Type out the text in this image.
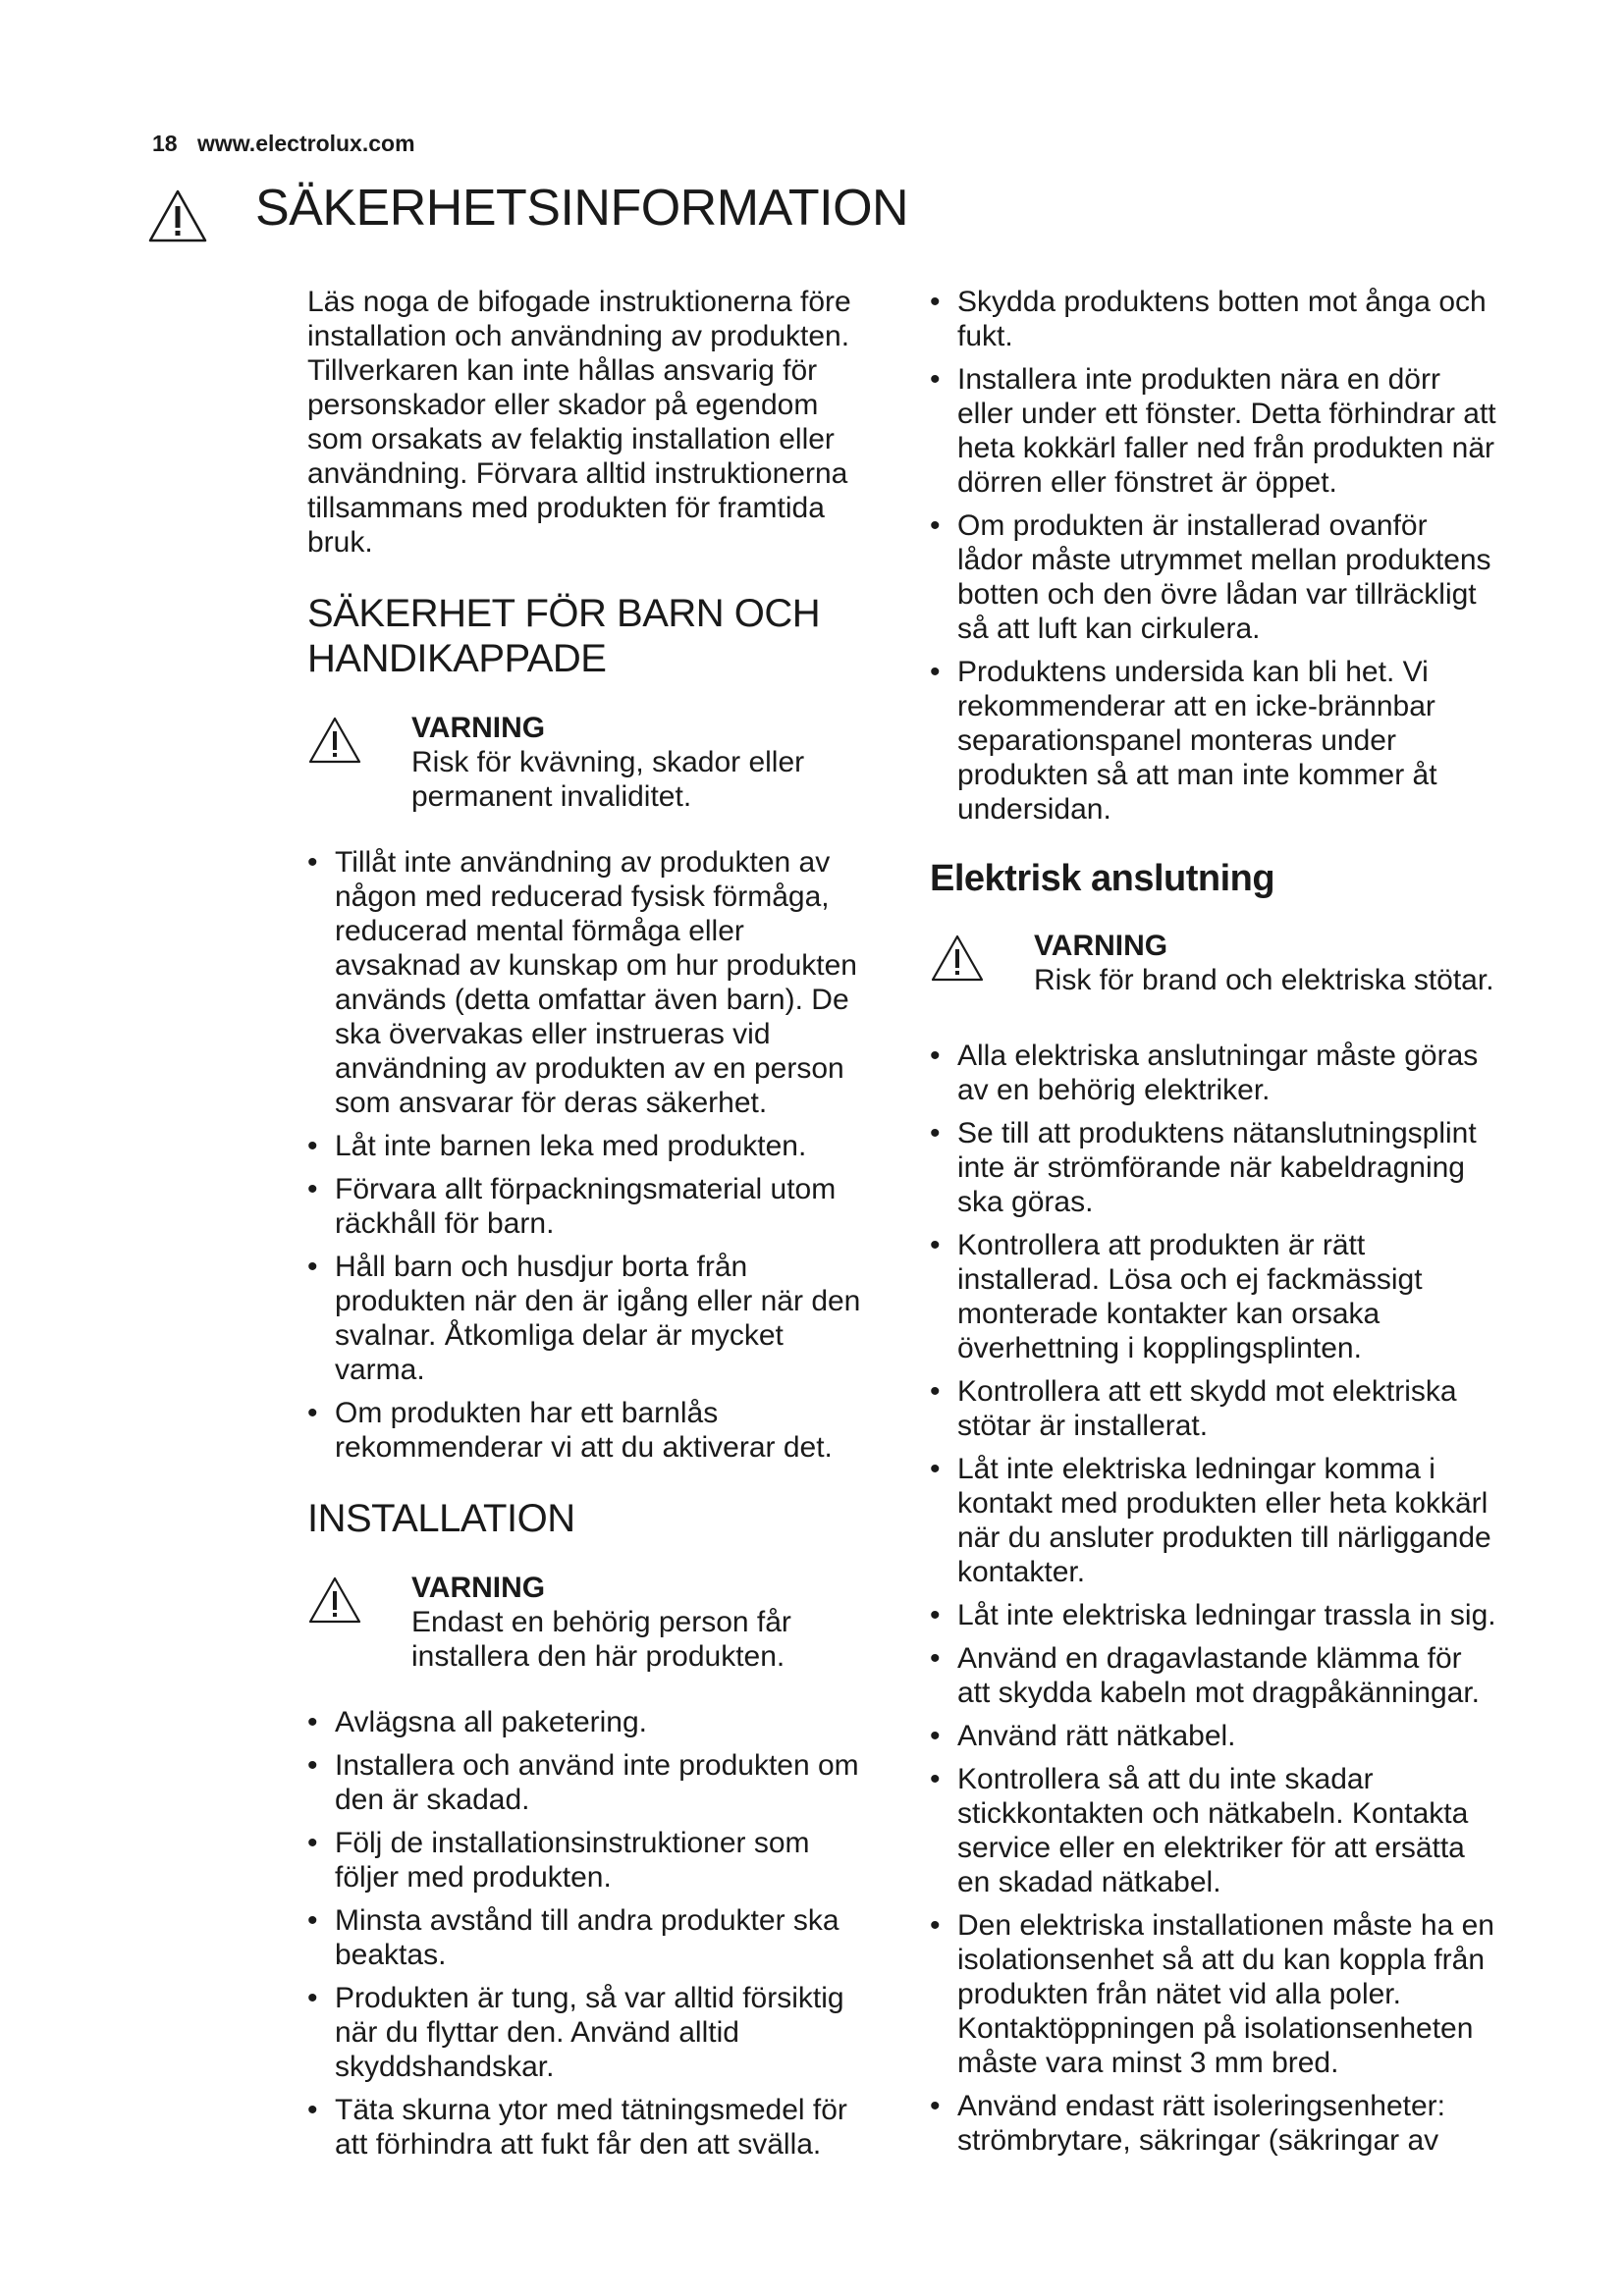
18 www.electrolux.com
SÄKERHETSINFORMATION

Läs noga de bifogade instruktionerna före installation och användning av produkten. Tillverkaren kan inte hållas ansvarig för personskador eller skador på egendom som orsakats av felaktig installation eller användning. Förvara alltid instruktionerna tillsammans med produkten för framtida bruk.

SÄKERHET FÖR BARN OCH HANDIKAPPADE
VARNING
Risk för kvävning, skador eller permanent invaliditet.
• Tillåt inte användning av produkten av någon med reducerad fysisk förmåga, reducerad mental förmåga eller avsaknad av kunskap om hur produkten används (detta omfattar även barn). De ska övervakas eller instrueras vid användning av produkten av en person som ansvarar för deras säkerhet.
• Låt inte barnen leka med produkten.
• Förvara allt förpackningsmaterial utom räckhåll för barn.
• Håll barn och husdjur borta från produkten när den är igång eller när den svalnar. Åtkomliga delar är mycket varma.
• Om produkten har ett barnlås rekommenderar vi att du aktiverar det.
INSTALLATION
VARNING
Endast en behörig person får installera den här produkten.
• Avlägsna all paketering.
• Installera och använd inte produkten om den är skadad.
• Följ de installationsinstruktioner som följer med produkten.
• Minsta avstånd till andra produkter ska beaktas.
• Produkten är tung, så var alltid försiktig när du flyttar den. Använd alltid skyddshandskar.
• Täta skurna ytor med tätningsmedel för att förhindra att fukt får den att svälla.
• Skydda produktens botten mot ånga och fukt.
• Installera inte produkten nära en dörr eller under ett fönster. Detta förhindrar att heta kokkärl faller ned från produkten när dörren eller fönstret är öppet.
• Om produkten är installerad ovanför lådor måste utrymmet mellan produktens botten och den övre lådan var tillräckligt så att luft kan cirkulera.
• Produktens undersida kan bli het. Vi rekommenderar att en icke-brännbar separationspanel monteras under produkten så att man inte kommer åt undersidan.
Elektrisk anslutning
VARNING
Risk för brand och elektriska stötar.
• Alla elektriska anslutningar måste göras av en behörig elektriker.
• Se till att produktens nätanslutningsplint inte är strömförande när kabeldragning ska göras.
• Kontrollera att produkten är rätt installerad. Lösa och ej fackmässigt monterade kontakter kan orsaka överhettning i kopplingsplinten.
• Kontrollera att ett skydd mot elektriska stötar är installerat.
• Låt inte elektriska ledningar komma i kontakt med produkten eller heta kokkärl när du ansluter produkten till närliggande kontakter.
• Låt inte elektriska ledningar trassla in sig.
• Använd en dragavlastande klämma för att skydda kabeln mot dragpåkänningar.
• Använd rätt nätkabel.
• Kontrollera så att du inte skadar stickkontakten och nätkabeln. Kontakta service eller en elektriker för att ersätta en skadad nätkabel.
• Den elektriska installationen måste ha en isolationsenhet så att du kan koppla från produkten från nätet vid alla poler. Kontaktöppningen på isolationsenheten måste vara minst 3 mm bred.
• Använd endast rätt isoleringsenheter: strömbrytare, säkringar (säkringar av
